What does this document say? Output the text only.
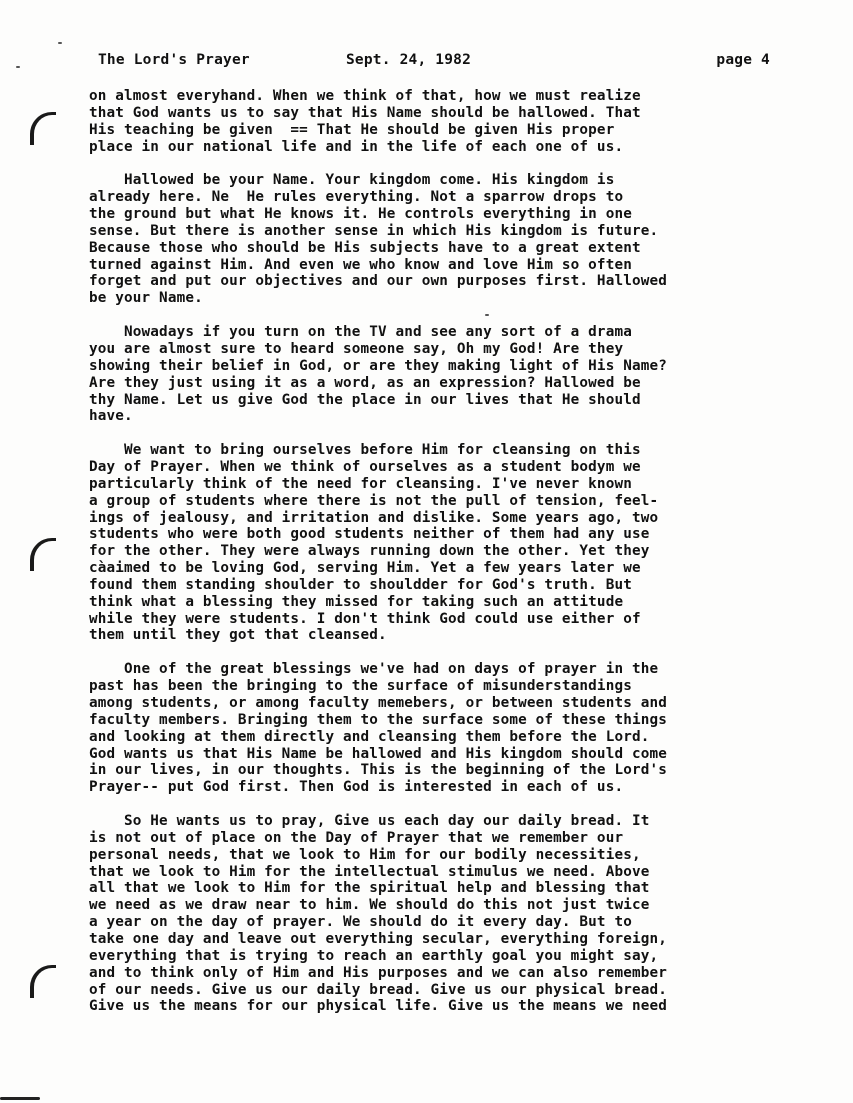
The Lord's Prayer	Sept. 24, 1982	page 4
on almost everyhand. When we think of that, how we must realize
that God wants us to say that His Name should be hallowed. That
His teaching be given  == That He should be given His proper
place in our national life and in the life of each one of us.
Hallowed be your Name. Your kingdom come. His kingdom is
already here. Ne  He rules everything. Not a sparrow drops to
the ground but what He knows it. He controls everything in one
sense. But there is another sense in which His kingdom is future.
Because those who should be His subjects have to a great extent
turned against Him. And even we who know and love Him so often
forget and put our objectives and our own purposes first. Hallowed
be your Name.
Nowadays if you turn on the TV and see any sort of a drama
you are almost sure to heard someone say, Oh my God! Are they
showing their belief in God, or are they making light of His Name?
Are they just using it as a word, as an expression? Hallowed be
thy Name. Let us give God the place in our lives that He should
have.
We want to bring ourselves before Him for cleansing on this
Day of Prayer. When we think of ourselves as a student bodym we
particularly think of the need for cleansing. I've never known
a group of students where there is not the pull of tension, feel-
ings of jealousy, and irritation and dislike. Some years ago, two
students who were both good students neither of them had any use
for the other. They were always running down the other. Yet they
càaimed to be loving God, serving Him. Yet a few years later we
found them standing shoulder to shouldder for God's truth. But
think what a blessing they missed for taking such an attitude
while they were students. I don't think God could use either of
them until they got that cleansed.
One of the great blessings we've had on days of prayer in the
past has been the bringing to the surface of misunderstandings
among students, or among faculty memebers, or between students and
faculty members. Bringing them to the surface some of these things
and looking at them directly and cleansing them before the Lord.
God wants us that His Name be hallowed and His kingdom should come
in our lives, in our thoughts. This is the beginning of the Lord's
Prayer-- put God first. Then God is interested in each of us.
So He wants us to pray, Give us each day our daily bread. It
is not out of place on the Day of Prayer that we remember our
personal needs, that we look to Him for our bodily necessities,
that we look to Him for the intellectual stimulus we need. Above
all that we look to Him for the spiritual help and blessing that
we need as we draw near to him. We should do this not just twice
a year on the day of prayer. We should do it every day. But to
take one day and leave out everything secular, everything foreign,
everything that is trying to reach an earthly goal you might say,
and to think only of Him and His purposes and we can also remember
of our needs. Give us our daily bread. Give us our physical bread.
Give us the means for our physical life. Give us the means we need
